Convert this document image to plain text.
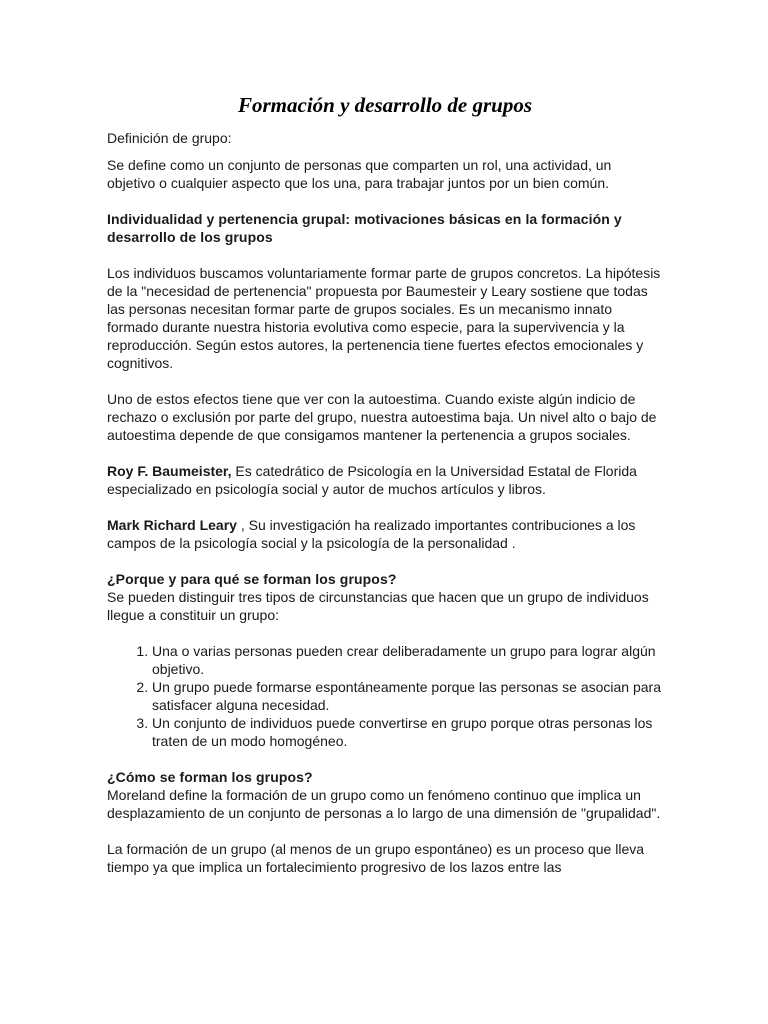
Formación y desarrollo de grupos

Definición de grupo:

Se define como un conjunto de personas que comparten un rol, una actividad, un objetivo o cualquier aspecto que los una, para trabajar juntos por un bien común.

Individualidad y pertenencia grupal: motivaciones básicas en la formación y desarrollo de los grupos

Los individuos buscamos voluntariamente formar parte de grupos concretos. La hipótesis de la "necesidad de pertenencia" propuesta por Baumesteir y Leary sostiene que todas las personas necesitan formar parte de grupos sociales. Es un mecanismo innato formado durante nuestra historia evolutiva como especie, para la supervivencia y la reproducción. Según estos autores, la pertenencia tiene fuertes efectos emocionales y cognitivos.

Uno de estos efectos tiene que ver con la autoestima. Cuando existe algún indicio de rechazo o exclusión por parte del grupo, nuestra autoestima baja. Un nivel alto o bajo de autoestima depende de que consigamos mantener la pertenencia a grupos sociales.

Roy F. Baumeister, Es catedrático de Psicología en la Universidad Estatal de Florida especializado en psicología social y autor de muchos artículos y libros.

Mark Richard Leary , Su investigación ha realizado importantes contribuciones a los campos de la psicología social y la psicología de la personalidad .

¿Porque y para qué se forman los grupos?

Se pueden distinguir tres tipos de circunstancias que hacen que un grupo de individuos llegue a constituir un grupo:

1. Una o varias personas pueden crear deliberadamente un grupo para lograr algún objetivo.
2. Un grupo puede formarse espontáneamente porque las personas se asocian para satisfacer alguna necesidad.
3. Un conjunto de individuos puede convertirse en grupo porque otras personas los traten de un modo homogéneo.

¿Cómo se forman los grupos?

Moreland define la formación de un grupo como un fenómeno continuo que implica un desplazamiento de un conjunto de personas a lo largo de una dimensión de "grupalidad".

La formación de un grupo (al menos de un grupo espontáneo) es un proceso que lleva tiempo ya que implica un fortalecimiento progresivo de los lazos entre las
